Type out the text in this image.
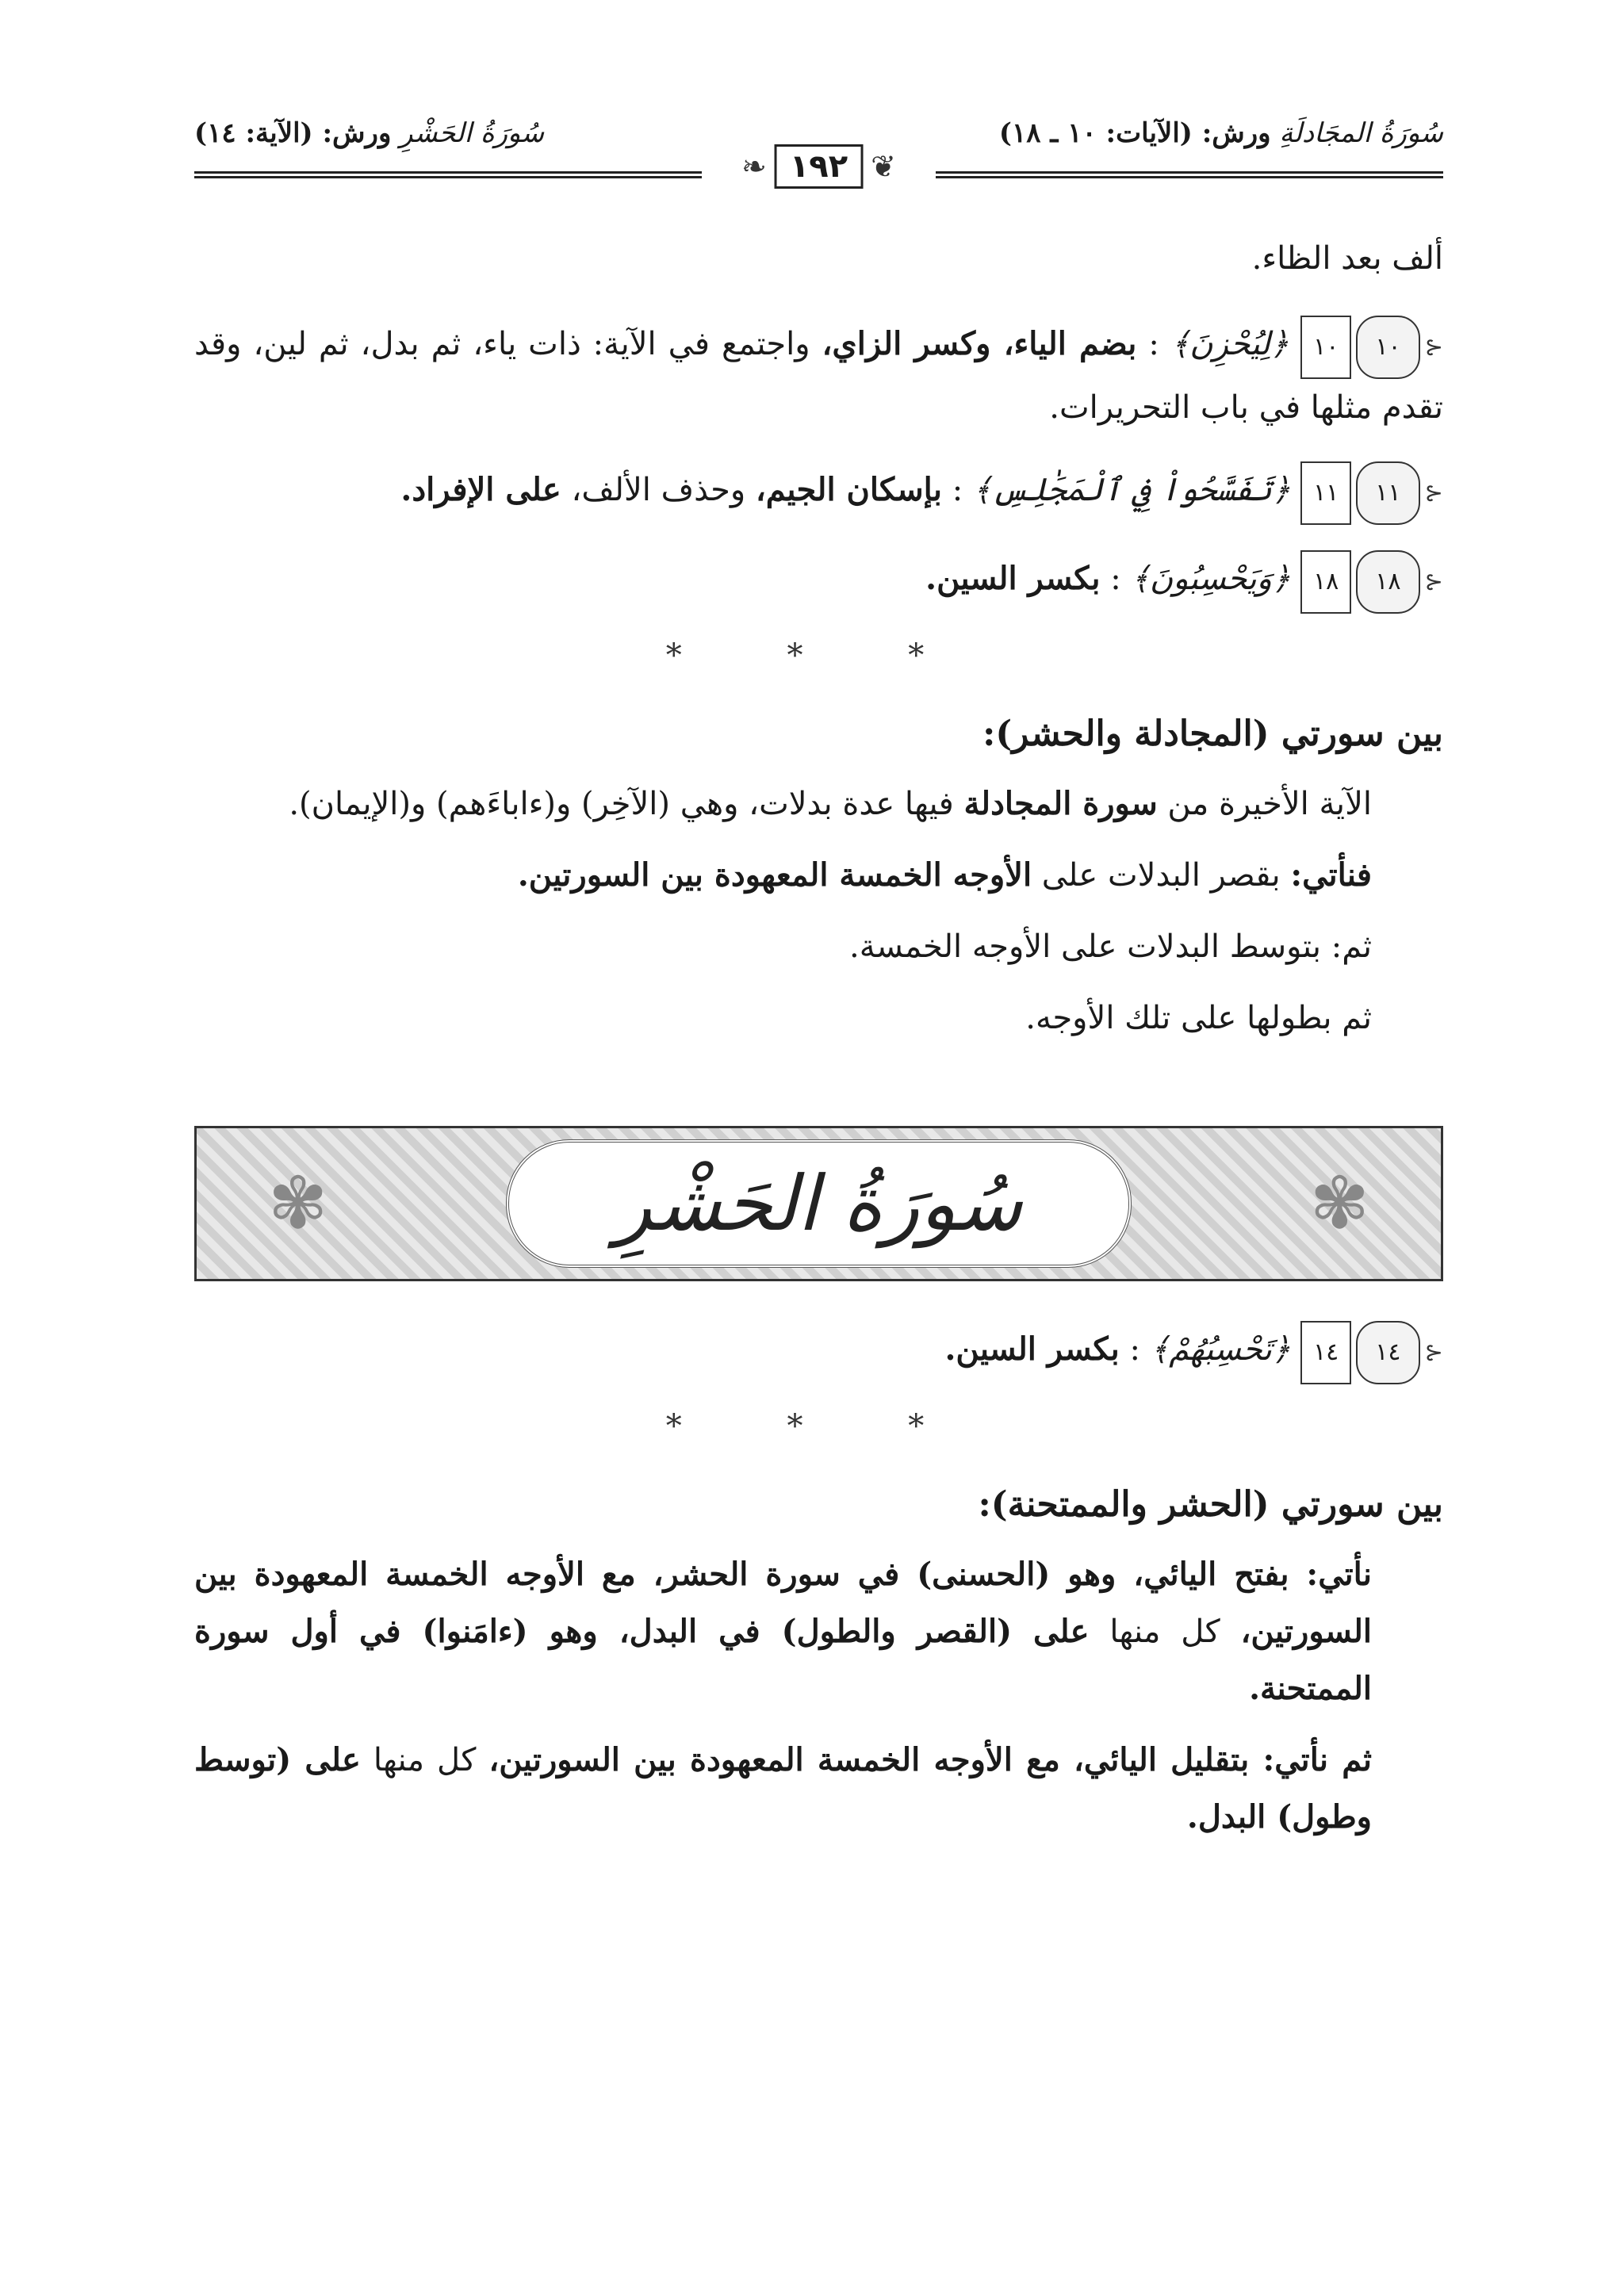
سُورَةُ المجَادلَةِ ورش: (الآيات: ١٠ ـ ١٨)
سُورَةُ الحَشْرِ ورش: (الآية: ١٤)
❦
١٩٢
❧

ألف بعد الظاء.

⊰
١٠
١٠
﴿لِيُحْزِنَ﴾ : بضم الياء، وكسر الزاي، واجتمع في الآية: ذات ياء، ثم بدل، ثم لين، وقد تقدم مثلها في باب التحريرات.

⊰
١١
١١
﴿تَفَسَّحُواْ فِي ٱلْمَجَٰلِسِ﴾ : بإسكان الجيم، وحذف الألف، على الإفراد.

⊰
١٨
١٨
﴿وَيَحْسِبُونَ﴾ : بكسر السين.

* * *
بين سورتي (المجادلة والحشر):

الآية الأخيرة من سورة المجادلة فيها عدة بدلات، وهي (الآخِر) و(ءاباءَهم) و(الإيمان).

فنأتي: بقصر البدلات على الأوجه الخمسة المعهودة بين السورتين.

ثم: بتوسط البدلات على الأوجه الخمسة.

ثم بطولها على تلك الأوجه.

✾	✾
سُورَةُ الحَشْرِ

⊰
١٤
١٤
﴿تَحْسِبُهُمْ﴾ : بكسر السين.

* * *
بين سورتي (الحشر والممتحنة):

نأتي: بفتح اليائي، وهو (الحسنى) في سورة الحشر، مع الأوجه الخمسة المعهودة بين السورتين، كل منها على (القصر والطول) في البدل، وهو (ءامَنوا) في أول سورة الممتحنة.

ثم نأتي: بتقليل اليائي، مع الأوجه الخمسة المعهودة بين السورتين، كل منها على (توسط وطول) البدل.
